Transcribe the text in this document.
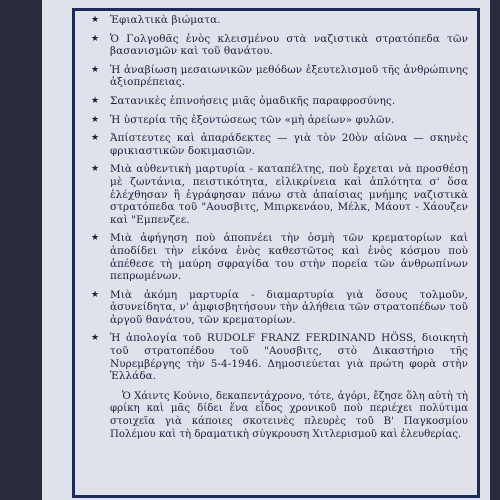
★ Ἐφιαλτικὰ βιώματα.
★ Ὁ Γολγοθᾶς ἑνὸς κλεισμένου στὰ ναζιστικὰ στρατόπεδα τῶν βασανισμῶν καὶ τοῦ θανάτου.
★ Ἡ ἀναβίωση μεσαιωνικῶν μεθόδων ἐξευτελισμοῦ τῆς ἀνθρώπινης ἀξιοπρέπειας.
★ Σατανικὲς ἐπινοήσεις μιᾶς ὁμαδικῆς παραφροσύνης.
★ Ἡ ὑστερία τῆς ἐξοντώσεως τῶν «μὴ ἀρείων» φυλῶν.
★ Ἀπίστευτες καὶ ἀπαράδεκτες — γιὰ τὸν 20ὸν αἰῶνα — σκηνὲς φρικιαστικῶν δοκιμασιῶν.
★ Μιὰ αὐθεντικὴ μαρτυρία - καταπέλτης, ποὺ ἔρχεται νὰ προσθέσῃ μὲ ζωντάνια, πειστικότητα, εἰλικρίνεια καὶ ἁπλότητα σ' ὅσα ἐλέχθησαν ἢ ἐγράφησαν πάνω στὰ ἀπαίσιας μνήμης ναζιστικὰ στρατόπεδα τοῦ "Αουσβιτς, Μπιρκενάου, Μέλκ, Μάουτ - Χάουζεν καὶ "Εμπενζεε.
★ Μιὰ ἀφήγηση ποὺ ἀποπνέει τὴν ὀσμὴ τῶν κρεματορίων καὶ ἀποδίδει τὴν εἰκόνα ἑνὸς καθεστῶτος καὶ ἑνὸς κόσμου ποὺ ἀπέθεσε τὴ μαύρη σφραγίδα του στὴν πορεία τῶν ἀνθρωπίνων πεπρωμένων.
★ Μιὰ ἀκόμη μαρτυρία - διαμαρτυρία γιὰ ὅσους τολμοῦν, ἀσυνείδητα, ν' ἀμφισβητήσουν τὴν ἀλήθεια τῶν στρατοπέδων τοῦ ἀργοῦ θανάτου, τῶν κρεματορίων.
★ Ἡ ἀπολογία τοῦ RUDOLF FRANZ FERDINAND HÖSS, διοικητὴ τοῦ στρατοπέδου τοῦ "Αουσβιτς, στὸ Δικαστήριο τῆς Νυρεμβέργης τὴν 5-4-1946. Δημοσιεύεται γιὰ πρώτη φορὰ στὴν Ἑλλάδα.
Ὁ Χάιντς Κούνιο, δεκαπεντάχρονο, τότε, ἀγόρι, ἔζησε ὅλη αὐτὴ τὴ φρίκη καὶ μᾶς δίδει ἕνα εἶδος χρονικοῦ ποὺ περιέχει πολύτιμα στοιχεῖα γιὰ κάποιες σκοτεινὲς πλευρὲς τοῦ Β' Παγκοσμίου Πολέμου καὶ τὴ δραματικὴ σύγκρουση Χιτλερισμοῦ καὶ ἐλευθερίας.
